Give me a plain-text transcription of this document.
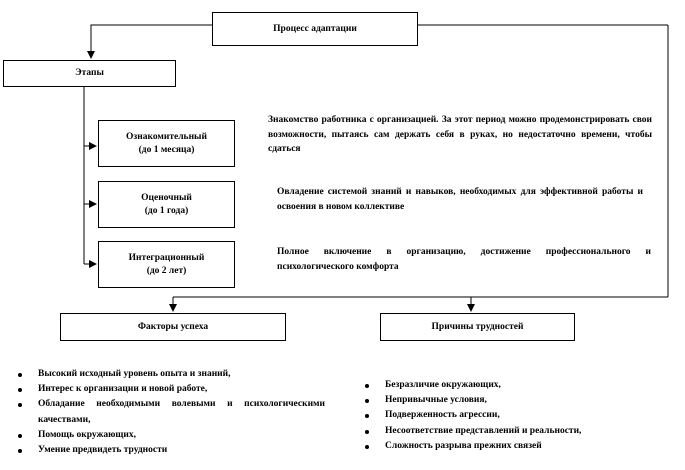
Процесс адаптации
Этапы
Ознакомительный
(до 1 месяца)
Оценочный
(до 1 года)
Интеграционный
(до 2 лет)
Знакомство работника с организацией. За этот период можно продемонстрировать свои возможности, пытаясь сам держать себя в руках, но недостаточно времени, чтобы сдаться
Овладение системой знаний и навыков, необходимых для эффективной работы и освоения в новом коллективе
Полное включение в организацию, достижение профессионального и психологического комфорта
Факторы успеха	Причины трудностей
Высокий исходный уровень опыта и знаний,
Интерес к организации и новой работе,
Обладание необходимыми волевыми и психологическими качествами,
Помощь окружающих,
Умение предвидеть трудности
Безразличие окружающих,
Непривычные условия,
Подверженность агрессии,
Несоответствие представлений и реальности,
Сложность разрыва прежних связей
